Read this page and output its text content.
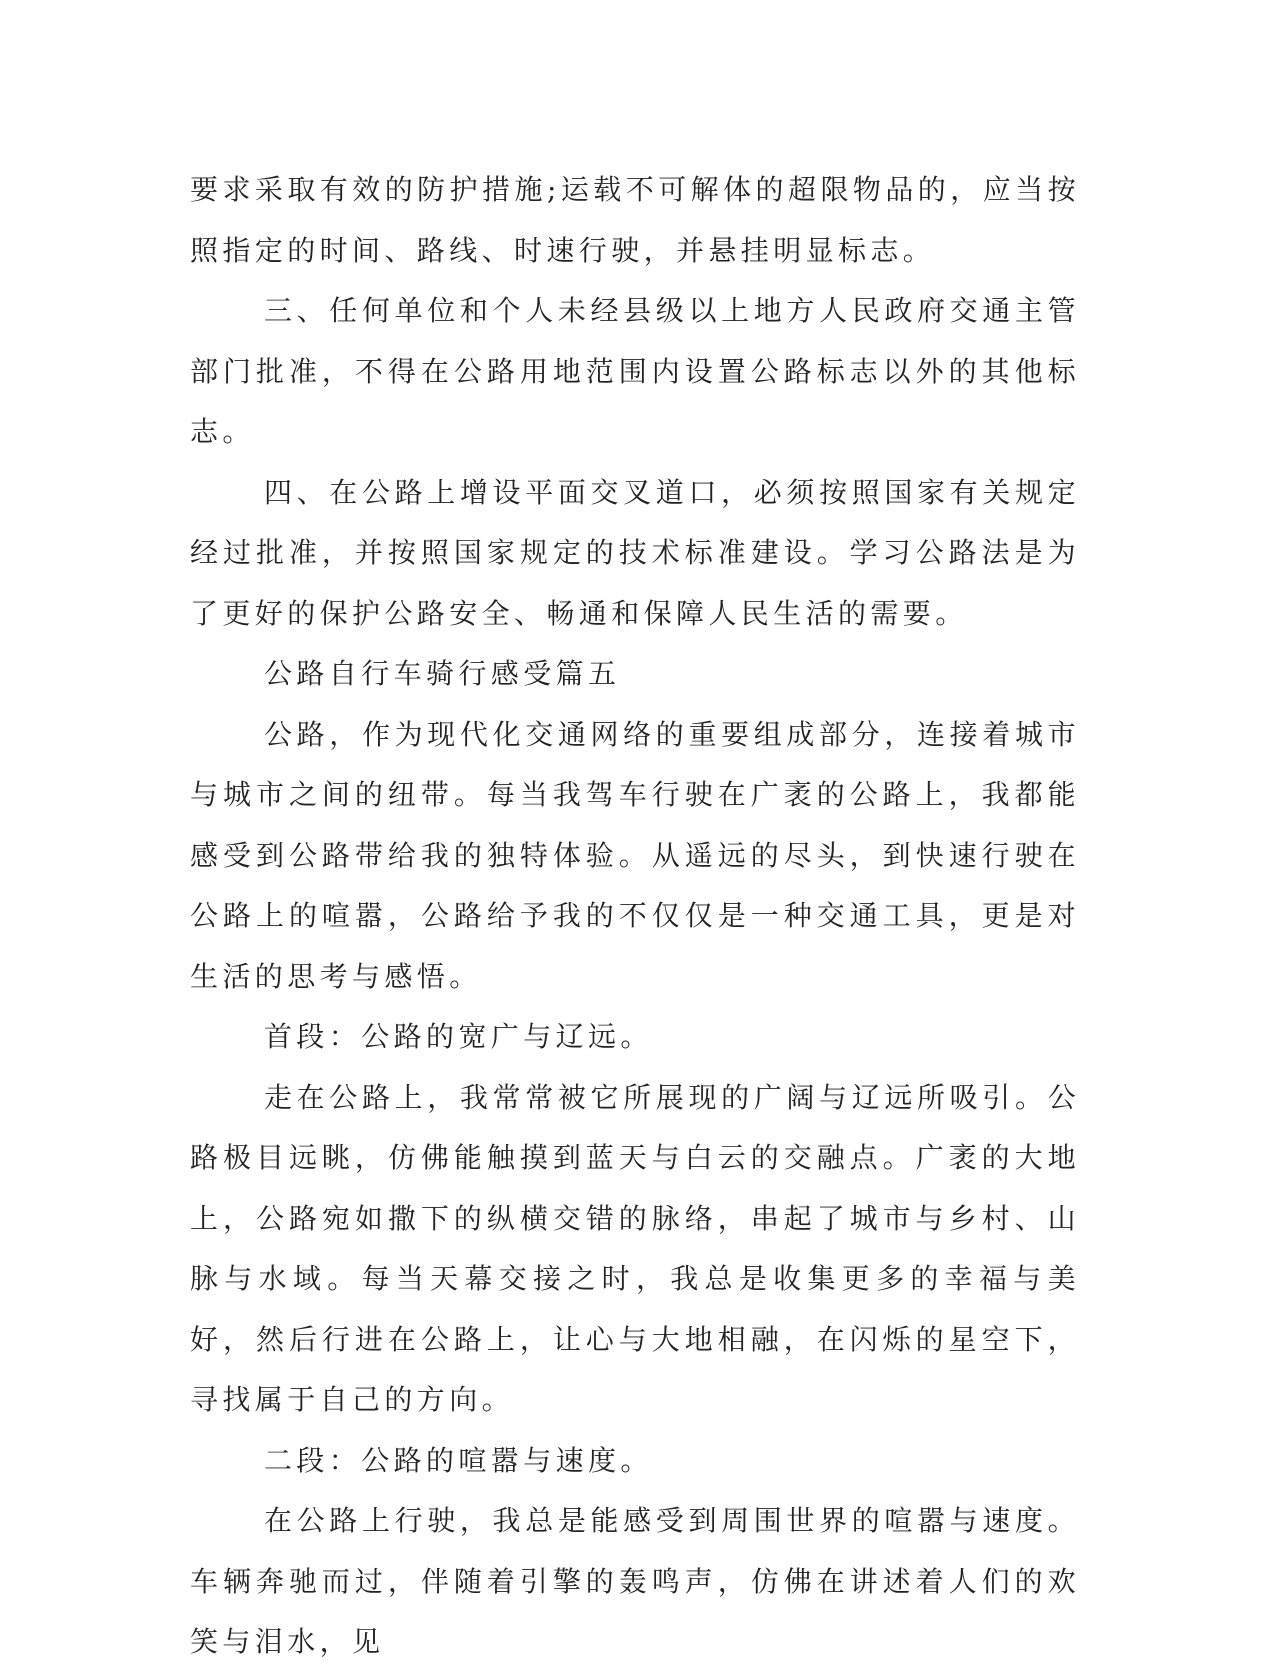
要求采取有效的防护措施;运载不可解体的超限物品的，应当按照指定的时间、路线、时速行驶，并悬挂明显标志。

三、任何单位和个人未经县级以上地方人民政府交通主管部门批准，不得在公路用地范围内设置公路标志以外的其他标志。

四、在公路上增设平面交叉道口，必须按照国家有关规定经过批准，并按照国家规定的技术标准建设。学习公路法是为了更好的保护公路安全、畅通和保障人民生活的需要。

公路自行车骑行感受篇五

公路，作为现代化交通网络的重要组成部分，连接着城市与城市之间的纽带。每当我驾车行驶在广袤的公路上，我都能感受到公路带给我的独特体验。从遥远的尽头，到快速行驶在公路上的喧嚣，公路给予我的不仅仅是一种交通工具，更是对生活的思考与感悟。

首段：公路的宽广与辽远。

走在公路上，我常常被它所展现的广阔与辽远所吸引。公路极目远眺，仿佛能触摸到蓝天与白云的交融点。广袤的大地上，公路宛如撒下的纵横交错的脉络，串起了城市与乡村、山脉与水域。每当天幕交接之时，我总是收集更多的幸福与美好，然后行进在公路上，让心与大地相融，在闪烁的星空下，寻找属于自己的方向。

二段：公路的喧嚣与速度。

在公路上行驶，我总是能感受到周围世界的喧嚣与速度。车辆奔驰而过，伴随着引擎的轰鸣声，仿佛在讲述着人们的欢笑与泪水，见
